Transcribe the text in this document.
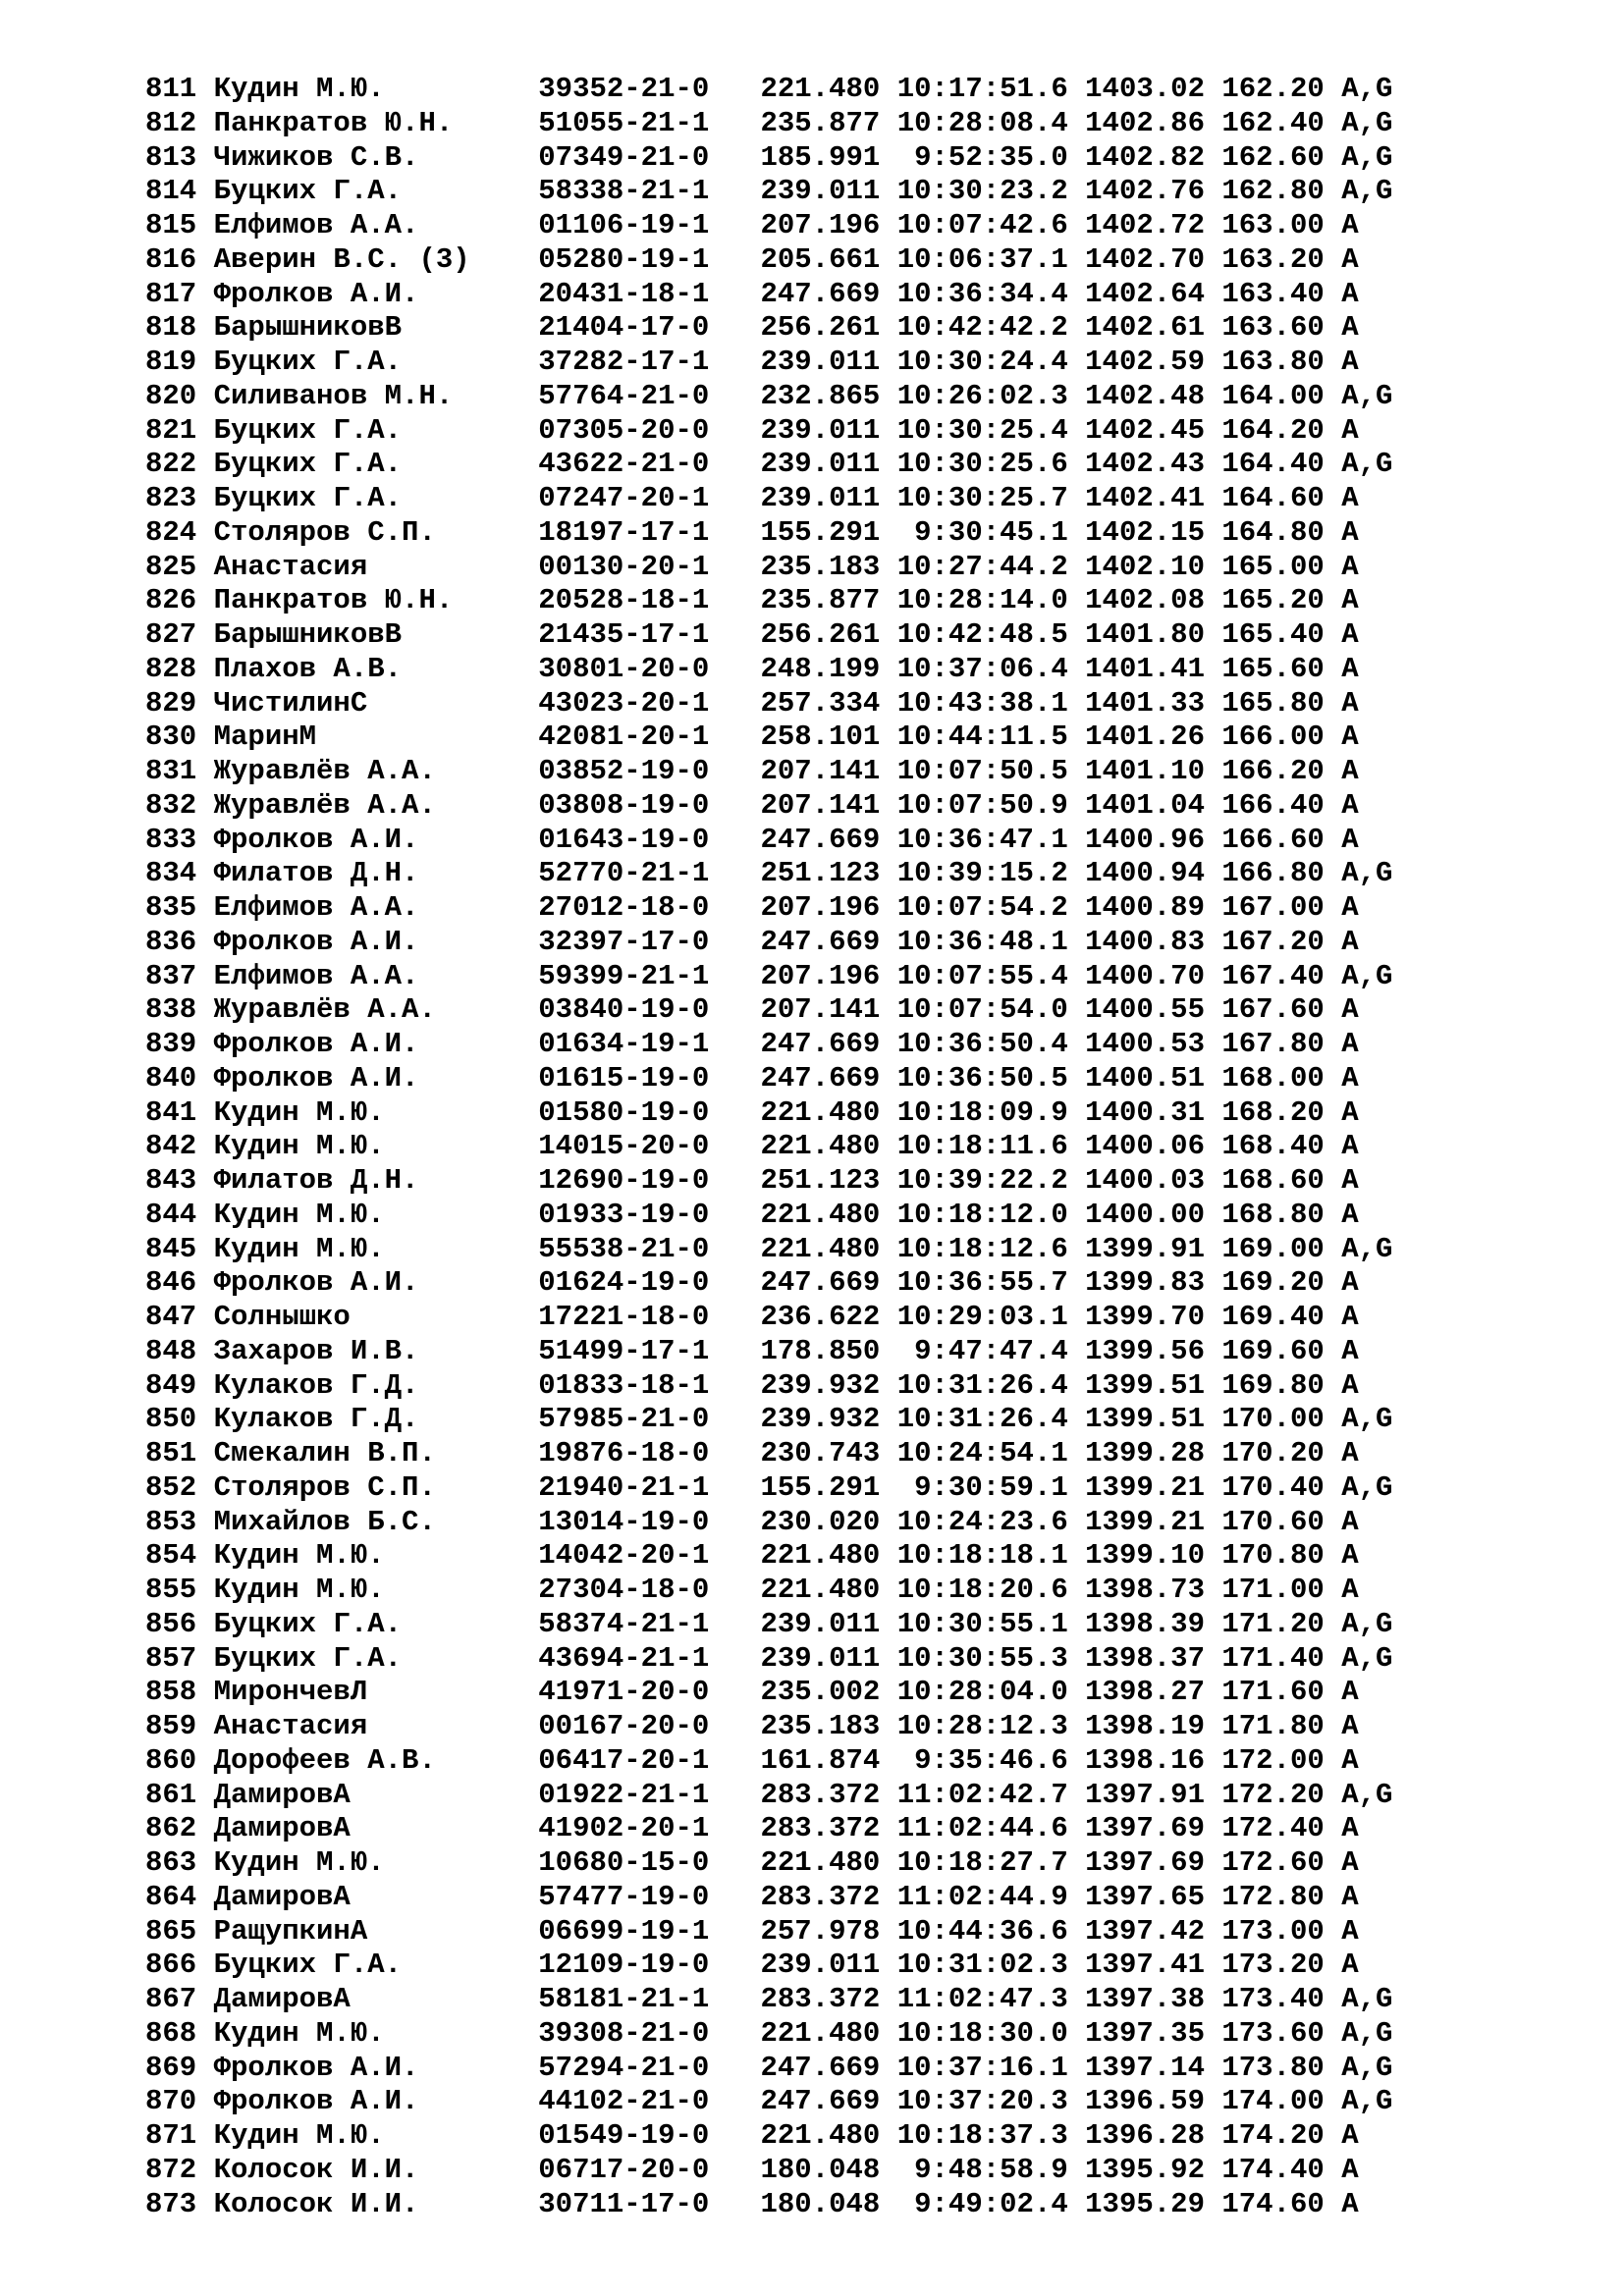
811 Кудин М.Ю.         39352-21-0   221.480 10:17:51.6 1403.02 162.20 A,G
812 Панкратов Ю.Н.     51055-21-1   235.877 10:28:08.4 1402.86 162.40 A,G
813 Чижиков С.В.       07349-21-0   185.991  9:52:35.0 1402.82 162.60 A,G
814 Буцких Г.А.        58338-21-1   239.011 10:30:23.2 1402.76 162.80 A,G
815 Елфимов А.А.       01106-19-1   207.196 10:07:42.6 1402.72 163.00 A
816 Аверин В.С. (3)    05280-19-1   205.661 10:06:37.1 1402.70 163.20 A
817 Фролков А.И.       20431-18-1   247.669 10:36:34.4 1402.64 163.40 A
818 БарышниковВ        21404-17-0   256.261 10:42:42.2 1402.61 163.60 A
819 Буцких Г.А.        37282-17-1   239.011 10:30:24.4 1402.59 163.80 A
820 Силиванов М.Н.     57764-21-0   232.865 10:26:02.3 1402.48 164.00 A,G
821 Буцких Г.А.        07305-20-0   239.011 10:30:25.4 1402.45 164.20 A
822 Буцких Г.А.        43622-21-0   239.011 10:30:25.6 1402.43 164.40 A,G
823 Буцких Г.А.        07247-20-1   239.011 10:30:25.7 1402.41 164.60 A
824 Столяров С.П.      18197-17-1   155.291  9:30:45.1 1402.15 164.80 A
825 Анастасия          00130-20-1   235.183 10:27:44.2 1402.10 165.00 A
826 Панкратов Ю.Н.     20528-18-1   235.877 10:28:14.0 1402.08 165.20 A
827 БарышниковВ        21435-17-1   256.261 10:42:48.5 1401.80 165.40 A
828 Плахов А.В.        30801-20-0   248.199 10:37:06.4 1401.41 165.60 A
829 ЧистилинС          43023-20-1   257.334 10:43:38.1 1401.33 165.80 A
830 МаринМ             42081-20-1   258.101 10:44:11.5 1401.26 166.00 A
831 Журавлёв А.А.      03852-19-0   207.141 10:07:50.5 1401.10 166.20 A
832 Журавлёв А.А.      03808-19-0   207.141 10:07:50.9 1401.04 166.40 A
833 Фролков А.И.       01643-19-0   247.669 10:36:47.1 1400.96 166.60 A
834 Филатов Д.Н.       52770-21-1   251.123 10:39:15.2 1400.94 166.80 A,G
835 Елфимов А.А.       27012-18-0   207.196 10:07:54.2 1400.89 167.00 A
836 Фролков А.И.       32397-17-0   247.669 10:36:48.1 1400.83 167.20 A
837 Елфимов А.А.       59399-21-1   207.196 10:07:55.4 1400.70 167.40 A,G
838 Журавлёв А.А.      03840-19-0   207.141 10:07:54.0 1400.55 167.60 A
839 Фролков А.И.       01634-19-1   247.669 10:36:50.4 1400.53 167.80 A
840 Фролков А.И.       01615-19-0   247.669 10:36:50.5 1400.51 168.00 A
841 Кудин М.Ю.         01580-19-0   221.480 10:18:09.9 1400.31 168.20 A
842 Кудин М.Ю.         14015-20-0   221.480 10:18:11.6 1400.06 168.40 A
843 Филатов Д.Н.       12690-19-0   251.123 10:39:22.2 1400.03 168.60 A
844 Кудин М.Ю.         01933-19-0   221.480 10:18:12.0 1400.00 168.80 A
845 Кудин М.Ю.         55538-21-0   221.480 10:18:12.6 1399.91 169.00 A,G
846 Фролков А.И.       01624-19-0   247.669 10:36:55.7 1399.83 169.20 A
847 Солнышко           17221-18-0   236.622 10:29:03.1 1399.70 169.40 A
848 Захаров И.В.       51499-17-1   178.850  9:47:47.4 1399.56 169.60 A
849 Кулаков Г.Д.       01833-18-1   239.932 10:31:26.4 1399.51 169.80 A
850 Кулаков Г.Д.       57985-21-0   239.932 10:31:26.4 1399.51 170.00 A,G
851 Смекалин В.П.      19876-18-0   230.743 10:24:54.1 1399.28 170.20 A
852 Столяров С.П.      21940-21-1   155.291  9:30:59.1 1399.21 170.40 A,G
853 Михайлов Б.С.      13014-19-0   230.020 10:24:23.6 1399.21 170.60 A
854 Кудин М.Ю.         14042-20-1   221.480 10:18:18.1 1399.10 170.80 A
855 Кудин М.Ю.         27304-18-0   221.480 10:18:20.6 1398.73 171.00 A
856 Буцких Г.А.        58374-21-1   239.011 10:30:55.1 1398.39 171.20 A,G
857 Буцких Г.А.        43694-21-1   239.011 10:30:55.3 1398.37 171.40 A,G
858 МирончевЛ          41971-20-0   235.002 10:28:04.0 1398.27 171.60 A
859 Анастасия          00167-20-0   235.183 10:28:12.3 1398.19 171.80 A
860 Дорофеев А.В.      06417-20-1   161.874  9:35:46.6 1398.16 172.00 A
861 ДамировА           01922-21-1   283.372 11:02:42.7 1397.91 172.20 A,G
862 ДамировА           41902-20-1   283.372 11:02:44.6 1397.69 172.40 A
863 Кудин М.Ю.         10680-15-0   221.480 10:18:27.7 1397.69 172.60 A
864 ДамировА           57477-19-0   283.372 11:02:44.9 1397.65 172.80 A
865 РащупкинА          06699-19-1   257.978 10:44:36.6 1397.42 173.00 A
866 Буцких Г.А.        12109-19-0   239.011 10:31:02.3 1397.41 173.20 A
867 ДамировА           58181-21-1   283.372 11:02:47.3 1397.38 173.40 A,G
868 Кудин М.Ю.         39308-21-0   221.480 10:18:30.0 1397.35 173.60 A,G
869 Фролков А.И.       57294-21-0   247.669 10:37:16.1 1397.14 173.80 A,G
870 Фролков А.И.       44102-21-0   247.669 10:37:20.3 1396.59 174.00 A,G
871 Кудин М.Ю.         01549-19-0   221.480 10:18:37.3 1396.28 174.20 A
872 Колосок И.И.       06717-20-0   180.048  9:48:58.9 1395.92 174.40 A
873 Колосок И.И.       30711-17-0   180.048  9:49:02.4 1395.29 174.60 A
